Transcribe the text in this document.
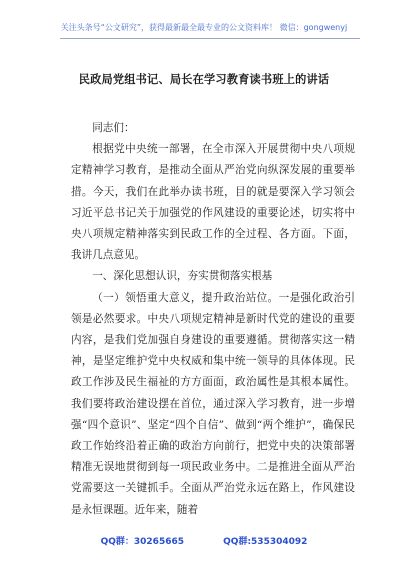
关注头条号“公文研究”，获得最新最全最专业的公文资料库！ 微信：gongwenyj
民政局党组书记、局长在学习教育读书班上的讲话

同志们：

根据党中央统一部署，在全市深入开展贯彻中央八项规定精神学习教育，是推动全面从严治党向纵深发展的重要举措。今天，我们在此举办读书班，目的就是要深入学习领会习近平总书记关于加强党的作风建设的重要论述，切实将中央八项规定精神落实到民政工作的全过程、各方面。下面，我讲几点意见。

一、深化思想认识，夯实贯彻落实根基

（一）领悟重大意义，提升政治站位。一是强化政治引领是必然要求。中央八项规定精神是新时代党的建设的重要内容，是我们党加强自身建设的重要遵循。贯彻落实这一精神，是坚定维护党中央权威和集中统一领导的具体体现。民政工作涉及民生福祉的方方面面，政治属性是其根本属性。我们要将政治建设摆在首位，通过深入学习教育，进一步增强“四个意识”、坚定“四个自信”、做到“两个维护”，确保民政工作始终沿着正确的政治方向前行，把党中央的决策部署精准无误地贯彻到每一项民政业务中。二是推进全面从严治党需要这一关键抓手。全面从严治党永远在路上，作风建设是永恒课题。近年来，随着

QQ群：30265665	QQ群:535304092
